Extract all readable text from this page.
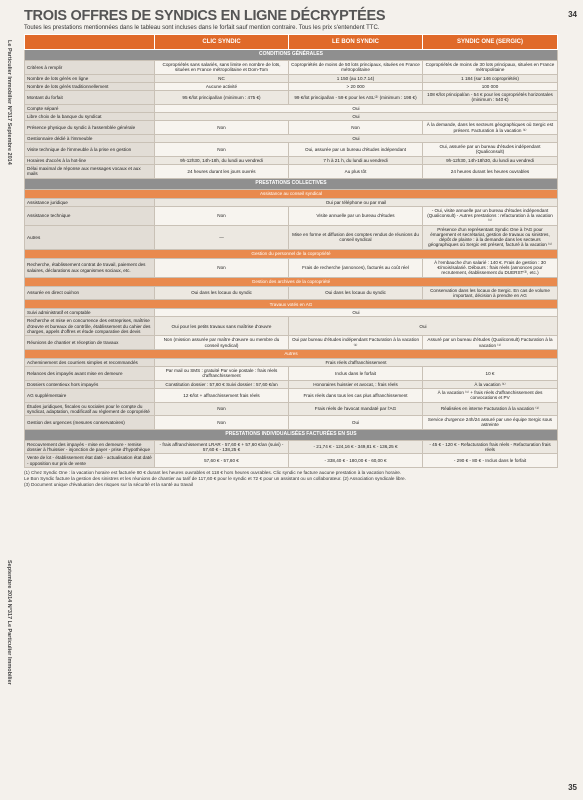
Le Particulier Immobilier N°317 Septembre 2014
Septembre 2014 N°317 Le Particulier Immobilier
34
35
TROIS OFFRES DE SYNDICS EN LIGNE DÉCRYPTÉES
Toutes les prestations mentionnées dans le tableau sont incluses dans le forfait sauf mention contraire. Tous les prix s'entendent TTC.
	CLIC SYNDIC	LE BON SYNDIC	SYNDIC ONE (SERGIC)
CONDITIONS GÉNÉRALES			
Critères à remplir	Copropriétés sans salariés, sans limite en nombre de lots, situées en France métropolitaine et Dom-Tom	Copropriétés de moins de 50 lots principaux, situées en France métropolitaine	Copropriétés de moins de 30 lots principaux, situées en France métropolitaine
Nombre de lots gérés en ligne	NC	1 150 (au 10.7.14)	1 184 (sur 146 copropriétés)
Nombre de lots gérés traditionnellement	Aucune activité	> 20 000	100 000
Montant du forfait	95 €/lot principal/an (minimum : 475 €)	99 €/lot principal/an - 59 € pour les ASL⁽²⁾ (minimum : 198 €)	108 €/lot principal/an - 54 € pour les copropriétés horizontales (minimum : 540 €)
Compte séparé	Oui		
Libre choix de la banque du syndicat	Oui		
Présence physique du syndic à l'assemblée générale	Non	Non	À la demande, dans les secteurs géographiques où Sergic est présent. Facturation à la vacation ⁽¹⁾
Gestionnaire dédié à l'immeuble	Oui		
Visite technique de l'immeuble à la prise en gestion	Non	Oui, assurée par un bureau d'études indépendant	Oui, assurée par un bureau d'études indépendant (Qualiconsult)
Horaires d'accès à la hot-line	9h-12h30, 14h-18h, du lundi au vendredi	7 h à 21 h, du lundi au vendredi	9h-12h30, 14h-18h30, du lundi au vendredi
Délai maximal de réponse aux messages vocaux et aux mails	24 heures durant les jours ouvrés	Au plus tôt	24 heures durant les heures ouvrables
PRESTATIONS COLLECTIVES			
Assistance au conseil syndical			
Assistance juridique	Oui par téléphone ou par mail		
Assistance technique	Non	Visite annuelle par un bureau d'études	- Oui, visite annuelle par un bureau d'études indépendant (Qualiconsult) - Autres prestations : refacturation à la vacation ⁽¹⁾
Autres	—	Mise en forme et diffusion des comptes rendus de réunions du conseil syndical	Présence d'un représentant Syndic One à l'AG pour émargement et secrétariat, gestion de travaux ou sinistres, dépôt de plainte : à la demande dans les secteurs géographiques où Sergic est présent, facturé à la vacation ⁽¹⁾
Gestion du personnel de la copropriété			
Recherche, établissement contrat de travail, paiement des salaires, déclarations aux organismes sociaux, etc.	Non	Frais de recherche (annonces), facturés au coût réel	À l'embauche d'un salarié : 140 €. Frais de gestion : 30 €/mois/salarié. Débours : frais réels (annonces pour recrutement, établissement du DUERST⁽³⁾, etc.)
Gestion des archives de la copropriété			
Assurée en direct oui/non	Oui dans les locaux du syndic	Oui dans les locaux du syndic	Conservation dans les locaux de Sergic. En cas de volume important, décision à prendre en AG
Travaux votés en AG			
Suivi administratif et comptable	Oui		
Recherche et mise en concurrence des entreprises, maîtrise d'œuvre et bureaux de contrôle, établissement du cahier des charges, appels d'offres et étude comparative des devis	Oui pour les petits travaux sans maîtrise d'œuvre	Oui	
Réunions de chantier et réception de travaux	Non (mission assurée par maître d'œuvre ou membre du conseil syndical)	Oui par bureau d'études indépendant Facturation à la vacation ⁽¹⁾	Assuré par un bureau d'études (Qualiconsult) Facturation à la vacation ⁽¹⁾
Autres			
Acheminement des courriers simples et recommandés	Frais réels d'affranchissement		
Relances des impayés avant mise en demeure	Par mail ou SMS : gratuité Par voie postale : frais réels d'affranchissement	Inclus dans le forfait	10 €
Dossiers contentieux hors impayés	Constitution dossier : 57,60 € Suivi dossier : 57,60 €/an	Honoraires huissier et avocat, : frais réels	À la vacation ⁽¹⁾
AG supplémentaire	12 €/lot + affranchissement frais réels	Frais réels dans tous les cas plus affranchissement	À la vacation ⁽¹⁾ + frais réels d'affranchissement des convocations et PV
Études juridiques, fiscales ou sociales pour le compte du syndicat, adaptation, modificatif au règlement de copropriété	Non	Frais réels de l'avocat mandaté par l'AG	Réalisées en interne Facturation à la vacation ⁽¹⁾
Gestion des urgences (mesures conservatoires)	Non	Oui	Service d'urgence 24h/24 assuré par une équipe Sergic sous astreinte
PRESTATIONS INDIVIDUALISÉES FACTURÉES EN SUS			
Recouvrement des impayés - mise en demeure - remise dossier à l'huissier - injonction de payer - prise d'hypothèque	- frais affranchissement LRAR - 57,60 € + 57,60 €/an (suivi) - 57,60 € - 138,25 €	- 21,74 € - 124,16 € - 349,81 € - 136,25 €	- 45 € - 120 € - Refacturation frais réels - Refacturation frais réels
Vente de lot - établissement état daté - actualisation état daté - opposition sur prix de vente	57,60 € - 57,60 €	- 338,40 € - 180,00 € - 60,00 €	- 290 € - 80 € - Inclus dans le forfait
(1) Chez Syndic One : la vacation horaire est facturée 80 € durant les heures ouvrables et 118 € hors heures ouvrables. Clic syndic ne facture aucune prestation à la vacation horaire.
Le Bon Syndic facture la gestion des sinistres et les réunions de chantier au tarif de 117,60 € pour le syndic et 72 € pour un assistant ou un collaborateur. (2) Association syndicale libre.
(3) Document unique d'évaluation des risques sur la sécurité et la santé au travail
